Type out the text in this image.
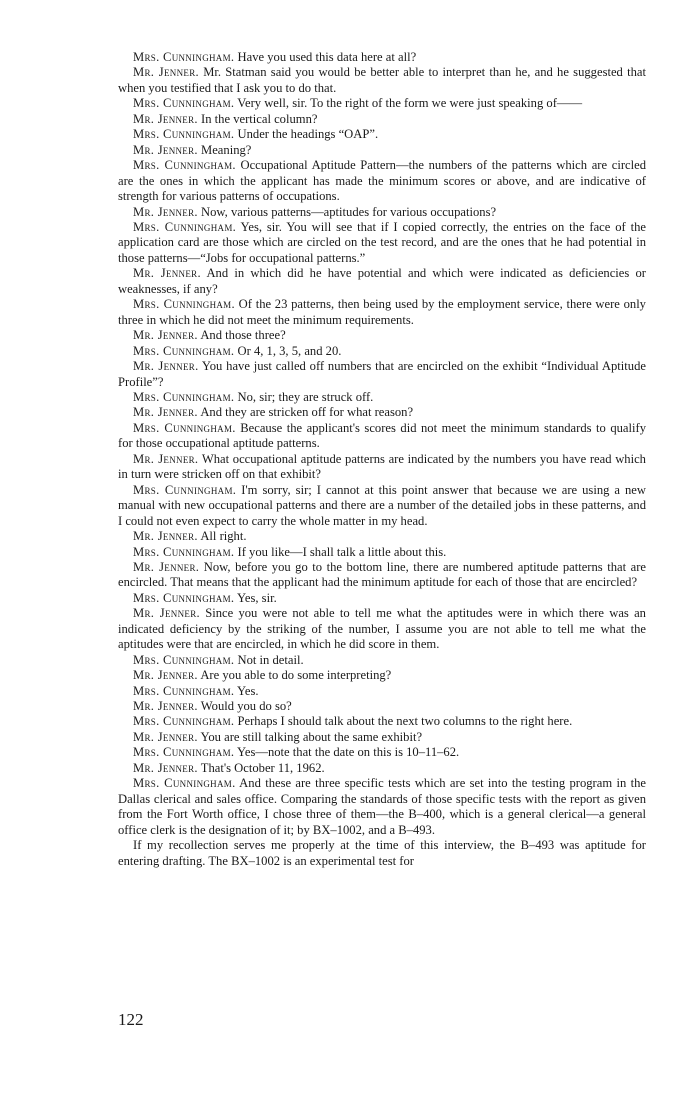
Mrs. Cunningham. Have you used this data here at all?

Mr. Jenner. Mr. Statman said you would be better able to interpret than he, and he suggested that when you testified that I ask you to do that.

Mrs. Cunningham. Very well, sir. To the right of the form we were just speaking of——

Mr. Jenner. In the vertical column?

Mrs. Cunningham. Under the headings “OAP”.

Mr. Jenner. Meaning?

Mrs. Cunningham. Occupational Aptitude Pattern—the numbers of the patterns which are circled are the ones in which the applicant has made the minimum scores or above, and are indicative of strength for various patterns of occupations.

Mr. Jenner. Now, various patterns—aptitudes for various occupations?

Mrs. Cunningham. Yes, sir. You will see that if I copied correctly, the entries on the face of the application card are those which are circled on the test record, and are the ones that he had potential in those patterns—“Jobs for occupational patterns.”

Mr. Jenner. And in which did he have potential and which were indicated as deficiencies or weaknesses, if any?

Mrs. Cunningham. Of the 23 patterns, then being used by the employment service, there were only three in which he did not meet the minimum requirements.

Mr. Jenner. And those three?

Mrs. Cunningham. Or 4, 1, 3, 5, and 20.

Mr. Jenner. You have just called off numbers that are encircled on the exhibit “Individual Aptitude Profile”?

Mrs. Cunningham. No, sir; they are struck off.

Mr. Jenner. And they are stricken off for what reason?

Mrs. Cunningham. Because the applicant's scores did not meet the minimum standards to qualify for those occupational aptitude patterns.

Mr. Jenner. What occupational aptitude patterns are indicated by the numbers you have read which in turn were stricken off on that exhibit?

Mrs. Cunningham. I'm sorry, sir; I cannot at this point answer that because we are using a new manual with new occupational patterns and there are a number of the detailed jobs in these patterns, and I could not even expect to carry the whole matter in my head.

Mr. Jenner. All right.

Mrs. Cunningham. If you like—I shall talk a little about this.

Mr. Jenner. Now, before you go to the bottom line, there are numbered aptitude patterns that are encircled. That means that the applicant had the minimum aptitude for each of those that are encircled?

Mrs. Cunningham. Yes, sir.

Mr. Jenner. Since you were not able to tell me what the aptitudes were in which there was an indicated deficiency by the striking of the number, I assume you are not able to tell me what the aptitudes were that are encircled, in which he did score in them.

Mrs. Cunningham. Not in detail.

Mr. Jenner. Are you able to do some interpreting?

Mrs. Cunningham. Yes.

Mr. Jenner. Would you do so?

Mrs. Cunningham. Perhaps I should talk about the next two columns to the right here.

Mr. Jenner. You are still talking about the same exhibit?

Mrs. Cunningham. Yes—note that the date on this is 10–11–62.

Mr. Jenner. That's October 11, 1962.

Mrs. Cunningham. And these are three specific tests which are set into the testing program in the Dallas clerical and sales office. Comparing the standards of those specific tests with the report as given from the Fort Worth office, I chose three of them—the B–400, which is a general clerical—a general office clerk is the designation of it; by BX–1002, and a B–493.

If my recollection serves me properly at the time of this interview, the B–493 was aptitude for entering drafting. The BX–1002 is an experimental test for

122
